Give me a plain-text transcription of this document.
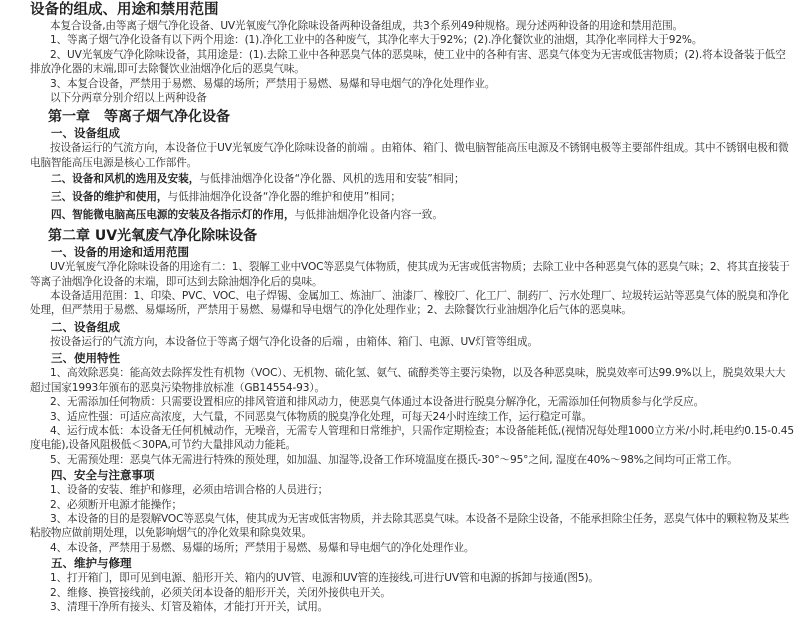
设备的组成、用途和禁用范围

本复合设备,由等离子烟气净化设备、UV光氧废气净化除味设备两种设备组成，共3个系列49种规格。现分述两种设备的用途和禁用范围。

1、等离子烟气净化设备有以下两个用途：(1).净化工业中的各种废气，其净化率大于92%；(2).净化餐饮业的油烟，其净化率同样大于92%。

2、UV光氧废气净化除味设备，其用途是：(1).去除工业中各种恶臭气体的恶臭味，使工业中的各种有害、恶臭气体变为无害或低害物质；(2).将本设备装于低空排放净化器的末端,即可去除餐饮业油烟净化后的恶臭气味。

3、本复合设备，严禁用于易燃、易爆的场所；严禁用于易燃、易爆和导电烟气的净化处理作业。

以下分两章分别介绍以上两种设备

第一章　等离子烟气净化设备
一、设备组成

按设备运行的气流方向，本设备位于UV光氧废气净化除味设备的前端 。由箱体、箱门、微电脑智能高压电源及不锈钢电极等主要部件组成。其中不锈钢电极和微电脑智能高压电源是核心工作部件。

二、设备和风机的选用及安装，与低排油烟净化设备“净化器、风机的选用和安装”相同；

三、设备的维护和使用，与低排油烟净化设备“净化器的维护和使用”相同；

四、智能微电脑高压电源的安装及各指示灯的作用，与低排油烟净化设备内容一致。

第二章 UV光氧废气净化除味设备
一、设备的用途和适用范围

UV光氧废气净化除味设备的用途有二：1、裂解工业中VOC等恶臭气体物质，使其成为无害或低害物质；去除工业中各种恶臭气体的恶臭气味；2、将其直接装于等离子油烟净化设备的末端，即可达到去除油烟净化后的臭味。

本设备适用范围：1、印染、PVC、VOC、电子焊锡、金属加工、炼油厂、油漆厂、橡胶厂、化工厂、制药厂、污水处理厂、垃圾转运站等恶臭气体的脱臭和净化处理，但严禁用于易燃、易爆场所，严禁用于易燃、易爆和导电烟气的净化处理作业；2、去除餐饮行业油烟净化后气体的恶臭味。

二、设备组成

按设备运行的气流方向，本设备位于等离子烟气净化设备的后端 ，由箱体、箱门、电源、UV灯管等组成。

三、使用特性

1、高效除恶臭：能高效去除挥发性有机物（VOC）、无机物、硫化氢、氨气、硫醇类等主要污染物，以及各种恶臭味，脱臭效率可达99.9%以上，脱臭效果大大超过国家1993年颁布的恶臭污染物排放标准（GB14554-93）。

2、无需添加任何物质：只需要设置相应的排风管道和排风动力，使恶臭气体通过本设备进行脱臭分解净化，无需添加任何物质参与化学反应。

3、适应性强：可适应高浓度，大气量，不同恶臭气体物质的脱臭净化处理，可每天24小时连续工作，运行稳定可靠。

4、运行成本低：本设备无任何机械动作，无噪音，无需专人管理和日常维护，只需作定期检查；本设备能耗低,(视情况每处理1000立方米/小时,耗电约0.15-0.45度电能),设备风阻极低＜30PA,可节约大量排风动力能耗。

5、无需预处理：恶臭气体无需进行特殊的预处理，如加温、加湿等,设备工作环境温度在摄氏-30°～95°之间, 湿度在40%～98%之间均可正常工作。

四、安全与注意事项

1、设备的安装、维护和修理，必须由培训合格的人员进行；

2、必须断开电源才能操作；

3、本设备的目的是裂解VOC等恶臭气体，使其成为无害或低害物质，并去除其恶臭气味。本设备不是除尘设备，不能承担除尘任务，恶臭气体中的颗粒物及某些粘胶物应做前期处理，以免影响烟气的净化效果和除臭效果。

4、本设备，严禁用于易燃、易爆的场所；严禁用于易燃、易爆和导电烟气的净化处理作业。

五、维护与修理

1、打开箱门，即可见到电源、船形开关、箱内的UV管、电源和UV管的连接线,可进行UV管和电源的拆卸与接通(图5)。

2、维修、换管接线前，必须关闭本设备的船形开关，关闭外接供电开关。

3、清理干净所有接头、灯管及箱体，才能打开开关，试用。
